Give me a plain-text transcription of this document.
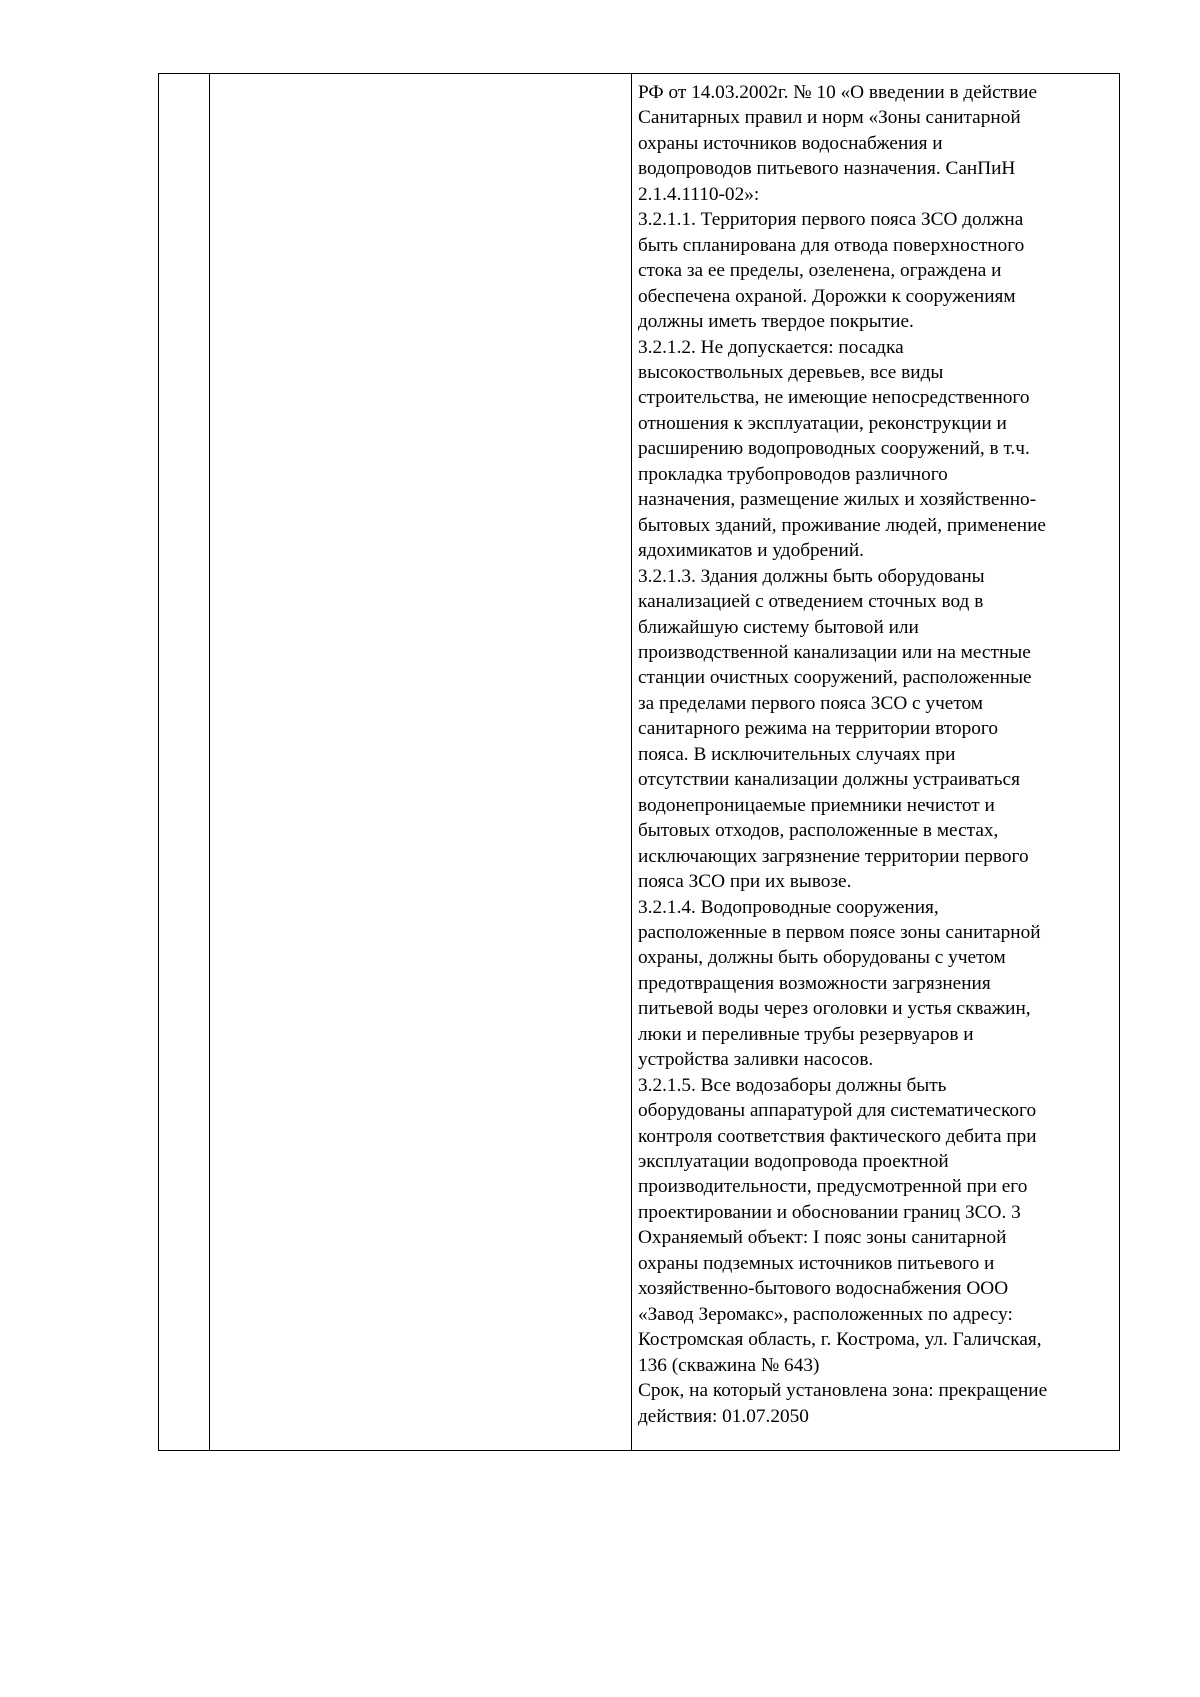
РФ от 14.03.2002г. № 10 «О введении в действие
Санитарных правил и норм «Зоны санитарной
охраны источников водоснабжения и
водопроводов питьевого назначения. СанПиН
2.1.4.1110-02»:
3.2.1.1. Территория первого пояса ЗСО должна
быть спланирована для отвода поверхностного
стока за ее пределы, озеленена, ограждена и
обеспечена охраной. Дорожки к сооружениям
должны иметь твердое покрытие.
3.2.1.2. Не допускается: посадка
высокоствольных деревьев, все виды
строительства, не имеющие непосредственного
отношения к эксплуатации, реконструкции и
расширению водопроводных сооружений, в т.ч.
прокладка трубопроводов различного
назначения, размещение жилых и хозяйственно-
бытовых зданий, проживание людей, применение
ядохимикатов и удобрений.
3.2.1.3. Здания должны быть оборудованы
канализацией с отведением сточных вод в
ближайшую систему бытовой или
производственной канализации или на местные
станции очистных сооружений, расположенные
за пределами первого пояса ЗСО с учетом
санитарного режима на территории второго
пояса. В исключительных случаях при
отсутствии канализации должны устраиваться
водонепроницаемые приемники нечистот и
бытовых отходов, расположенные в местах,
исключающих загрязнение территории первого
пояса ЗСО при их вывозе.
3.2.1.4. Водопроводные сооружения,
расположенные в первом поясе зоны санитарной
охраны, должны быть оборудованы с учетом
предотвращения возможности загрязнения
питьевой воды через оголовки и устья скважин,
люки и переливные трубы резервуаров и
устройства заливки насосов.
3.2.1.5. Все водозаборы должны быть
оборудованы аппаратурой для систематического
контроля соответствия фактического дебита при
эксплуатации водопровода проектной
производительности, предусмотренной при его
проектировании и обосновании границ ЗСО. 3
Охраняемый объект: I пояс зоны санитарной
охраны подземных источников питьевого и
хозяйственно-бытового водоснабжения ООО
«Завод Зеромакс», расположенных по адресу:
Костромская область, г. Кострома, ул. Галичская,
136 (скважина № 643)
Срок, на который установлена зона: прекращение
действия: 01.07.2050
